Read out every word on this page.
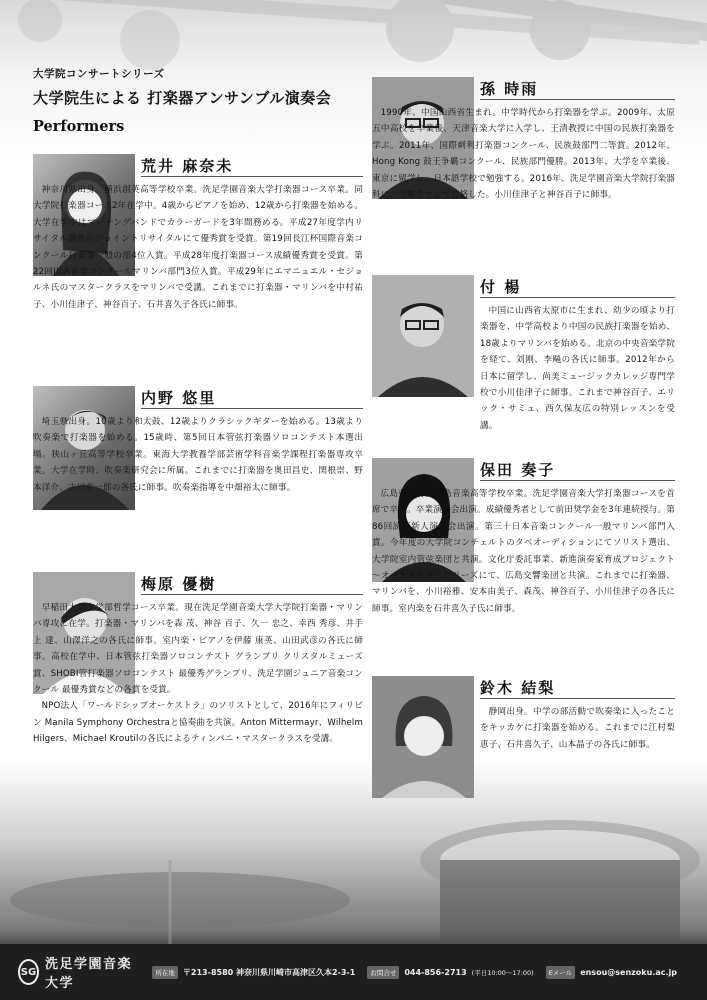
大学院コンサートシリーズ
大学院生による 打楽器アンサンブル演奏会
Performers
荒井 麻奈未

神奈川県出身。横浜創英高等学校卒業。洗足学園音楽大学打楽器コース卒業。同大学院打楽器コース2年在学中。4歳からピアノを始め、12歳から打楽器を始める。大学在学中はマーチングバンドでカラーガードを3年間務める。平成27年度学内リサイタル講座のジョイントリサイタルにて優秀賞を受賞。第19回長江杯国際音楽コンクール打楽器一般の部4位入賞。平成28年度打楽器コース成績優秀賞を受賞。第22回JILA音楽コンクールマリンバ部門3位入賞。平成29年にエマニュエル・セジョルネ氏のマスタークラスをマリンバで受講。これまでに打楽器・マリンバを中村祐子、小川佳津子、神谷百子、石井喜久子各氏に師事。

内野 悠里

埼玉県出身。10歳より和太鼓、12歳よりクラシックギターを始める。13歳より吹奏楽で打楽器を始める。15歳時、第5回日本管弦打楽器ソロコンテスト本選出場。狭山ヶ丘高等学校卒業。東海大学教養学部芸術学科音楽学課程打楽器専攻卒業。大学在学時、吹奏楽研究会に所属。これまでに打楽器を奥田昌史、関根崇、野本洋介、古川玄一郎の各氏に師事。吹奏楽指導を中畑裕太に師事。

梅原 優樹

早稲田大学文学部哲学コース卒業。現在洗足学園音楽大学大学院打楽器・マリンバ専攻に在学。打楽器・マリンバを森 茂、神谷 百子、久一 忠之、幸西 秀彦、井手上 達、山澤洋之の各氏に師事。室内楽・ピアノを伊藤 康英、山田武彦の各氏に師事。高校在学中、日本管弦打楽器ソロコンテスト グランプリ クリスタルミューズ賞、SHOBI管打楽器ソロコンテスト 最優秀グランプリ、洗足学園ジュニア音楽コンクール 最優秀賞などの各賞を受賞。

NPO法人「ワールドシップオーケストラ」のソリストとして、2016年にフィリピン Manila Symphony Orchestraと協奏曲を共演。Anton Mittermayr、Wilhelm Hilgers、Michael Kroutilの各氏によるティンパニ・マスタークラスを受講。

孫 時雨

1990年、中国山西省生まれ。中学時代から打楽器を学ぶ。2009年、太原五中高校を卒業後、天津音楽大学に入学し、王清教授に中国の民族打楽器を学ぶ。2011年、国際刺利打楽器コンクール、民族鼓部門二等賞。2012年、Hong Kong 鼓王争覇コンクール、民族部門優勝。2013年、大学を卒業後、東京に留学し、日本語学校で勉強する。2016年、洗足学園音楽大学院打楽器科に、受験者として合格した。小川佳津子と神谷百子に師事。

付 楊

中国に山西省太原市に生まれ、幼少の頃より打楽器を、中学高校より中国の民族打楽器を始め、18歳よりマリンバを始める。北京の中央音楽学院を経て、刘刚、李飚の各氏に師事。2012年から日本に留学し、尚美ミュージックカレッジ専門学校で小川佳津子に師事。これまで神谷百子、エリック・サミュ、西久保友広の特別レッスンを受講。

保田 奏子

広島県出身。広島音楽高等学校卒業。洗足学園音楽大学打楽器コースを首席で卒業。卒業演奏会出演。成績優秀者として前田奨学金を3年連続授与。第86回読売新人演奏会出演。第三十日本音楽コンクール一般マリンバ部門入賞。今年度の大学院コンチェルトのタベオーディションにてソリスト選出、大学院室内管弦楽団と共演。文化庁委託事業、新進演奏家育成プロジェクト～オーケストラ・シリーズにて、広島交響楽団と共演。これまでに打楽器、マリンバを、小川裕雅、安本由美子、森茂、神谷百子、小川佳津子の各氏に師事。室内楽を石井喜久子氏に師事。

鈴木 結梨

静岡出身。中学の部活動で吹奏楽に入ったことをキッカケに打楽器を始める。これまでに江村梨恵子、石井喜久子、山本晶子の各氏に師事。

SG 洗足学園音楽大学
所在地	〒213-8580 神奈川県川崎市高津区久本2-3-1	お問合せ	044-856-2713 (平日10:00〜17:00)	Eメール	ensou@senzoku.ac.jp
